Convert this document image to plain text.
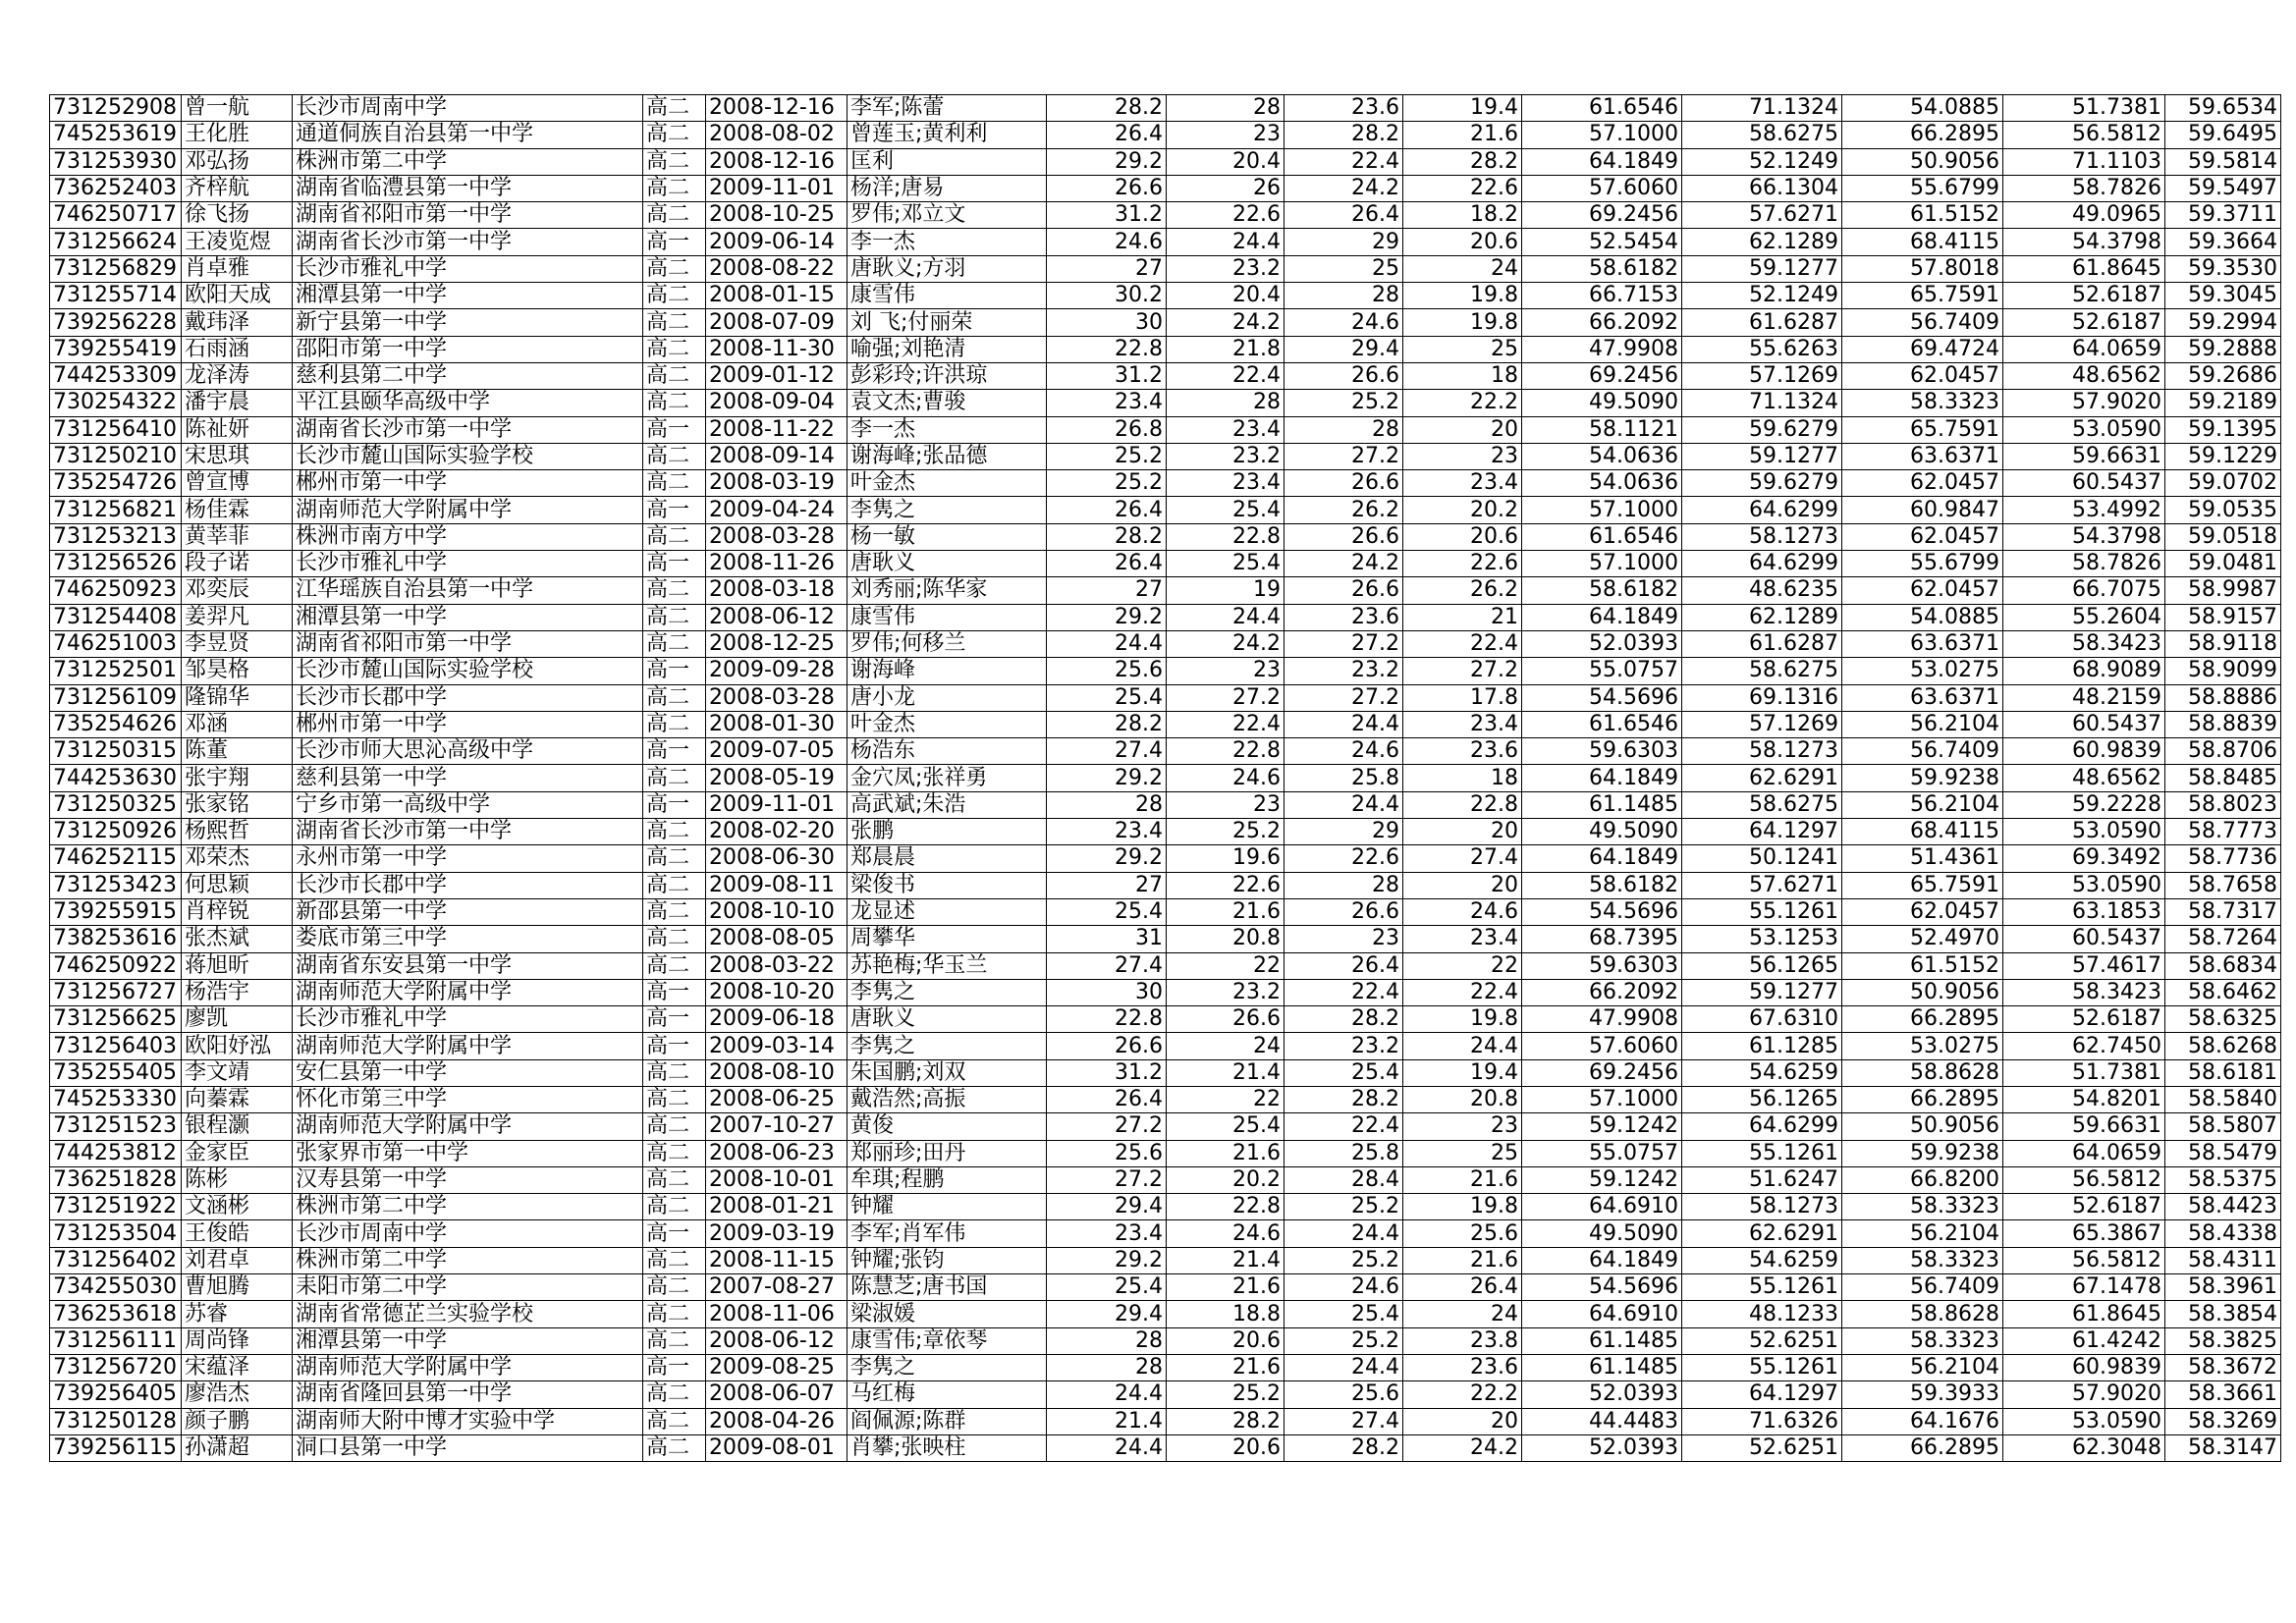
731252908	曾一航	长沙市周南中学	高二	2008-12-16	李军;陈蕾	28.2	28	23.6	19.4	61.6546	71.1324	54.0885	51.7381	59.6534
745253619	王化胜	通道侗族自治县第一中学	高二	2008-08-02	曾莲玉;黄利利	26.4	23	28.2	21.6	57.1000	58.6275	66.2895	56.5812	59.6495
731253930	邓弘扬	株洲市第二中学	高二	2008-12-16	匡利	29.2	20.4	22.4	28.2	64.1849	52.1249	50.9056	71.1103	59.5814
736252403	齐梓航	湖南省临澧县第一中学	高二	2009-11-01	杨洋;唐易	26.6	26	24.2	22.6	57.6060	66.1304	55.6799	58.7826	59.5497
746250717	徐飞扬	湖南省祁阳市第一中学	高二	2008-10-25	罗伟;邓立文	31.2	22.6	26.4	18.2	69.2456	57.6271	61.5152	49.0965	59.3711
731256624	王凌览煜	湖南省长沙市第一中学	高一	2009-06-14	李一杰	24.6	24.4	29	20.6	52.5454	62.1289	68.4115	54.3798	59.3664
731256829	肖卓雅	长沙市雅礼中学	高二	2008-08-22	唐耿义;方羽	27	23.2	25	24	58.6182	59.1277	57.8018	61.8645	59.3530
731255714	欧阳天成	湘潭县第一中学	高二	2008-01-15	康雪伟	30.2	20.4	28	19.8	66.7153	52.1249	65.7591	52.6187	59.3045
739256228	戴玮泽	新宁县第一中学	高二	2008-07-09	刘 飞;付丽荣	30	24.2	24.6	19.8	66.2092	61.6287	56.7409	52.6187	59.2994
739255419	石雨涵	邵阳市第一中学	高二	2008-11-30	喻强;刘艳清	22.8	21.8	29.4	25	47.9908	55.6263	69.4724	64.0659	59.2888
744253309	龙泽涛	慈利县第二中学	高二	2009-01-12	彭彩玲;许洪琼	31.2	22.4	26.6	18	69.2456	57.1269	62.0457	48.6562	59.2686
730254322	潘宇晨	平江县颐华高级中学	高二	2008-09-04	袁文杰;曹骏	23.4	28	25.2	22.2	49.5090	71.1324	58.3323	57.9020	59.2189
731256410	陈祉妍	湖南省长沙市第一中学	高一	2008-11-22	李一杰	26.8	23.4	28	20	58.1121	59.6279	65.7591	53.0590	59.1395
731250210	宋思琪	长沙市麓山国际实验学校	高二	2008-09-14	谢海峰;张品德	25.2	23.2	27.2	23	54.0636	59.1277	63.6371	59.6631	59.1229
735254726	曾宣博	郴州市第一中学	高二	2008-03-19	叶金杰	25.2	23.4	26.6	23.4	54.0636	59.6279	62.0457	60.5437	59.0702
731256821	杨佳霖	湖南师范大学附属中学	高一	2009-04-24	李隽之	26.4	25.4	26.2	20.2	57.1000	64.6299	60.9847	53.4992	59.0535
731253213	黄莘菲	株洲市南方中学	高二	2008-03-28	杨一敏	28.2	22.8	26.6	20.6	61.6546	58.1273	62.0457	54.3798	59.0518
731256526	段子诺	长沙市雅礼中学	高一	2008-11-26	唐耿义	26.4	25.4	24.2	22.6	57.1000	64.6299	55.6799	58.7826	59.0481
746250923	邓奕辰	江华瑶族自治县第一中学	高二	2008-03-18	刘秀丽;陈华家	27	19	26.6	26.2	58.6182	48.6235	62.0457	66.7075	58.9987
731254408	姜羿凡	湘潭县第一中学	高二	2008-06-12	康雪伟	29.2	24.4	23.6	21	64.1849	62.1289	54.0885	55.2604	58.9157
746251003	李昱贤	湖南省祁阳市第一中学	高二	2008-12-25	罗伟;何移兰	24.4	24.2	27.2	22.4	52.0393	61.6287	63.6371	58.3423	58.9118
731252501	邹昊格	长沙市麓山国际实验学校	高一	2009-09-28	谢海峰	25.6	23	23.2	27.2	55.0757	58.6275	53.0275	68.9089	58.9099
731256109	隆锦华	长沙市长郡中学	高二	2008-03-28	唐小龙	25.4	27.2	27.2	17.8	54.5696	69.1316	63.6371	48.2159	58.8886
735254626	邓涵	郴州市第一中学	高二	2008-01-30	叶金杰	28.2	22.4	24.4	23.4	61.6546	57.1269	56.2104	60.5437	58.8839
731250315	陈董	长沙市师大思沁高级中学	高一	2009-07-05	杨浩东	27.4	22.8	24.6	23.6	59.6303	58.1273	56.7409	60.9839	58.8706
744253630	张宇翔	慈利县第一中学	高二	2008-05-19	金穴凤;张祥勇	29.2	24.6	25.8	18	64.1849	62.6291	59.9238	48.6562	58.8485
731250325	张家铭	宁乡市第一高级中学	高一	2009-11-01	高武斌;朱浩	28	23	24.4	22.8	61.1485	58.6275	56.2104	59.2228	58.8023
731250926	杨熙哲	湖南省长沙市第一中学	高二	2008-02-20	张鹏	23.4	25.2	29	20	49.5090	64.1297	68.4115	53.0590	58.7773
746252115	邓荣杰	永州市第一中学	高二	2008-06-30	郑晨晨	29.2	19.6	22.6	27.4	64.1849	50.1241	51.4361	69.3492	58.7736
731253423	何思颖	长沙市长郡中学	高二	2009-08-11	梁俊书	27	22.6	28	20	58.6182	57.6271	65.7591	53.0590	58.7658
739255915	肖梓锐	新邵县第一中学	高二	2008-10-10	龙显述	25.4	21.6	26.6	24.6	54.5696	55.1261	62.0457	63.1853	58.7317
738253616	张杰斌	娄底市第三中学	高二	2008-08-05	周攀华	31	20.8	23	23.4	68.7395	53.1253	52.4970	60.5437	58.7264
746250922	蒋旭昕	湖南省东安县第一中学	高二	2008-03-22	苏艳梅;华玉兰	27.4	22	26.4	22	59.6303	56.1265	61.5152	57.4617	58.6834
731256727	杨浩宇	湖南师范大学附属中学	高一	2008-10-20	李隽之	30	23.2	22.4	22.4	66.2092	59.1277	50.9056	58.3423	58.6462
731256625	廖凯	长沙市雅礼中学	高一	2009-06-18	唐耿义	22.8	26.6	28.2	19.8	47.9908	67.6310	66.2895	52.6187	58.6325
731256403	欧阳妤泓	湖南师范大学附属中学	高一	2009-03-14	李隽之	26.6	24	23.2	24.4	57.6060	61.1285	53.0275	62.7450	58.6268
735255405	李文靖	安仁县第一中学	高二	2008-08-10	朱国鹏;刘双	31.2	21.4	25.4	19.4	69.2456	54.6259	58.8628	51.7381	58.6181
745253330	向蓁霖	怀化市第三中学	高二	2008-06-25	戴浩然;高振	26.4	22	28.2	20.8	57.1000	56.1265	66.2895	54.8201	58.5840
731251523	银程灏	湖南师范大学附属中学	高二	2007-10-27	黄俊	27.2	25.4	22.4	23	59.1242	64.6299	50.9056	59.6631	58.5807
744253812	金家臣	张家界市第一中学	高二	2008-06-23	郑丽珍;田丹	25.6	21.6	25.8	25	55.0757	55.1261	59.9238	64.0659	58.5479
736251828	陈彬	汉寿县第一中学	高二	2008-10-01	牟琪;程鹏	27.2	20.2	28.4	21.6	59.1242	51.6247	66.8200	56.5812	58.5375
731251922	文涵彬	株洲市第二中学	高二	2008-01-21	钟耀	29.4	22.8	25.2	19.8	64.6910	58.1273	58.3323	52.6187	58.4423
731253504	王俊皓	长沙市周南中学	高一	2009-03-19	李军;肖军伟	23.4	24.6	24.4	25.6	49.5090	62.6291	56.2104	65.3867	58.4338
731256402	刘君卓	株洲市第二中学	高二	2008-11-15	钟耀;张钧	29.2	21.4	25.2	21.6	64.1849	54.6259	58.3323	56.5812	58.4311
734255030	曹旭腾	耒阳市第二中学	高二	2007-08-27	陈慧芝;唐书国	25.4	21.6	24.6	26.4	54.5696	55.1261	56.7409	67.1478	58.3961
736253618	苏睿	湖南省常德芷兰实验学校	高二	2008-11-06	梁淑媛	29.4	18.8	25.4	24	64.6910	48.1233	58.8628	61.8645	58.3854
731256111	周尚锋	湘潭县第一中学	高二	2008-06-12	康雪伟;章依琴	28	20.6	25.2	23.8	61.1485	52.6251	58.3323	61.4242	58.3825
731256720	宋蕴泽	湖南师范大学附属中学	高一	2009-08-25	李隽之	28	21.6	24.4	23.6	61.1485	55.1261	56.2104	60.9839	58.3672
739256405	廖浩杰	湖南省隆回县第一中学	高二	2008-06-07	马红梅	24.4	25.2	25.6	22.2	52.0393	64.1297	59.3933	57.9020	58.3661
731250128	颜子鹏	湖南师大附中博才实验中学	高二	2008-04-26	阎佩源;陈群	21.4	28.2	27.4	20	44.4483	71.6326	64.1676	53.0590	58.3269
739256115	孙潇超	洞口县第一中学	高二	2009-08-01	肖攀;张映柱	24.4	20.6	28.2	24.2	52.0393	52.6251	66.2895	62.3048	58.3147
